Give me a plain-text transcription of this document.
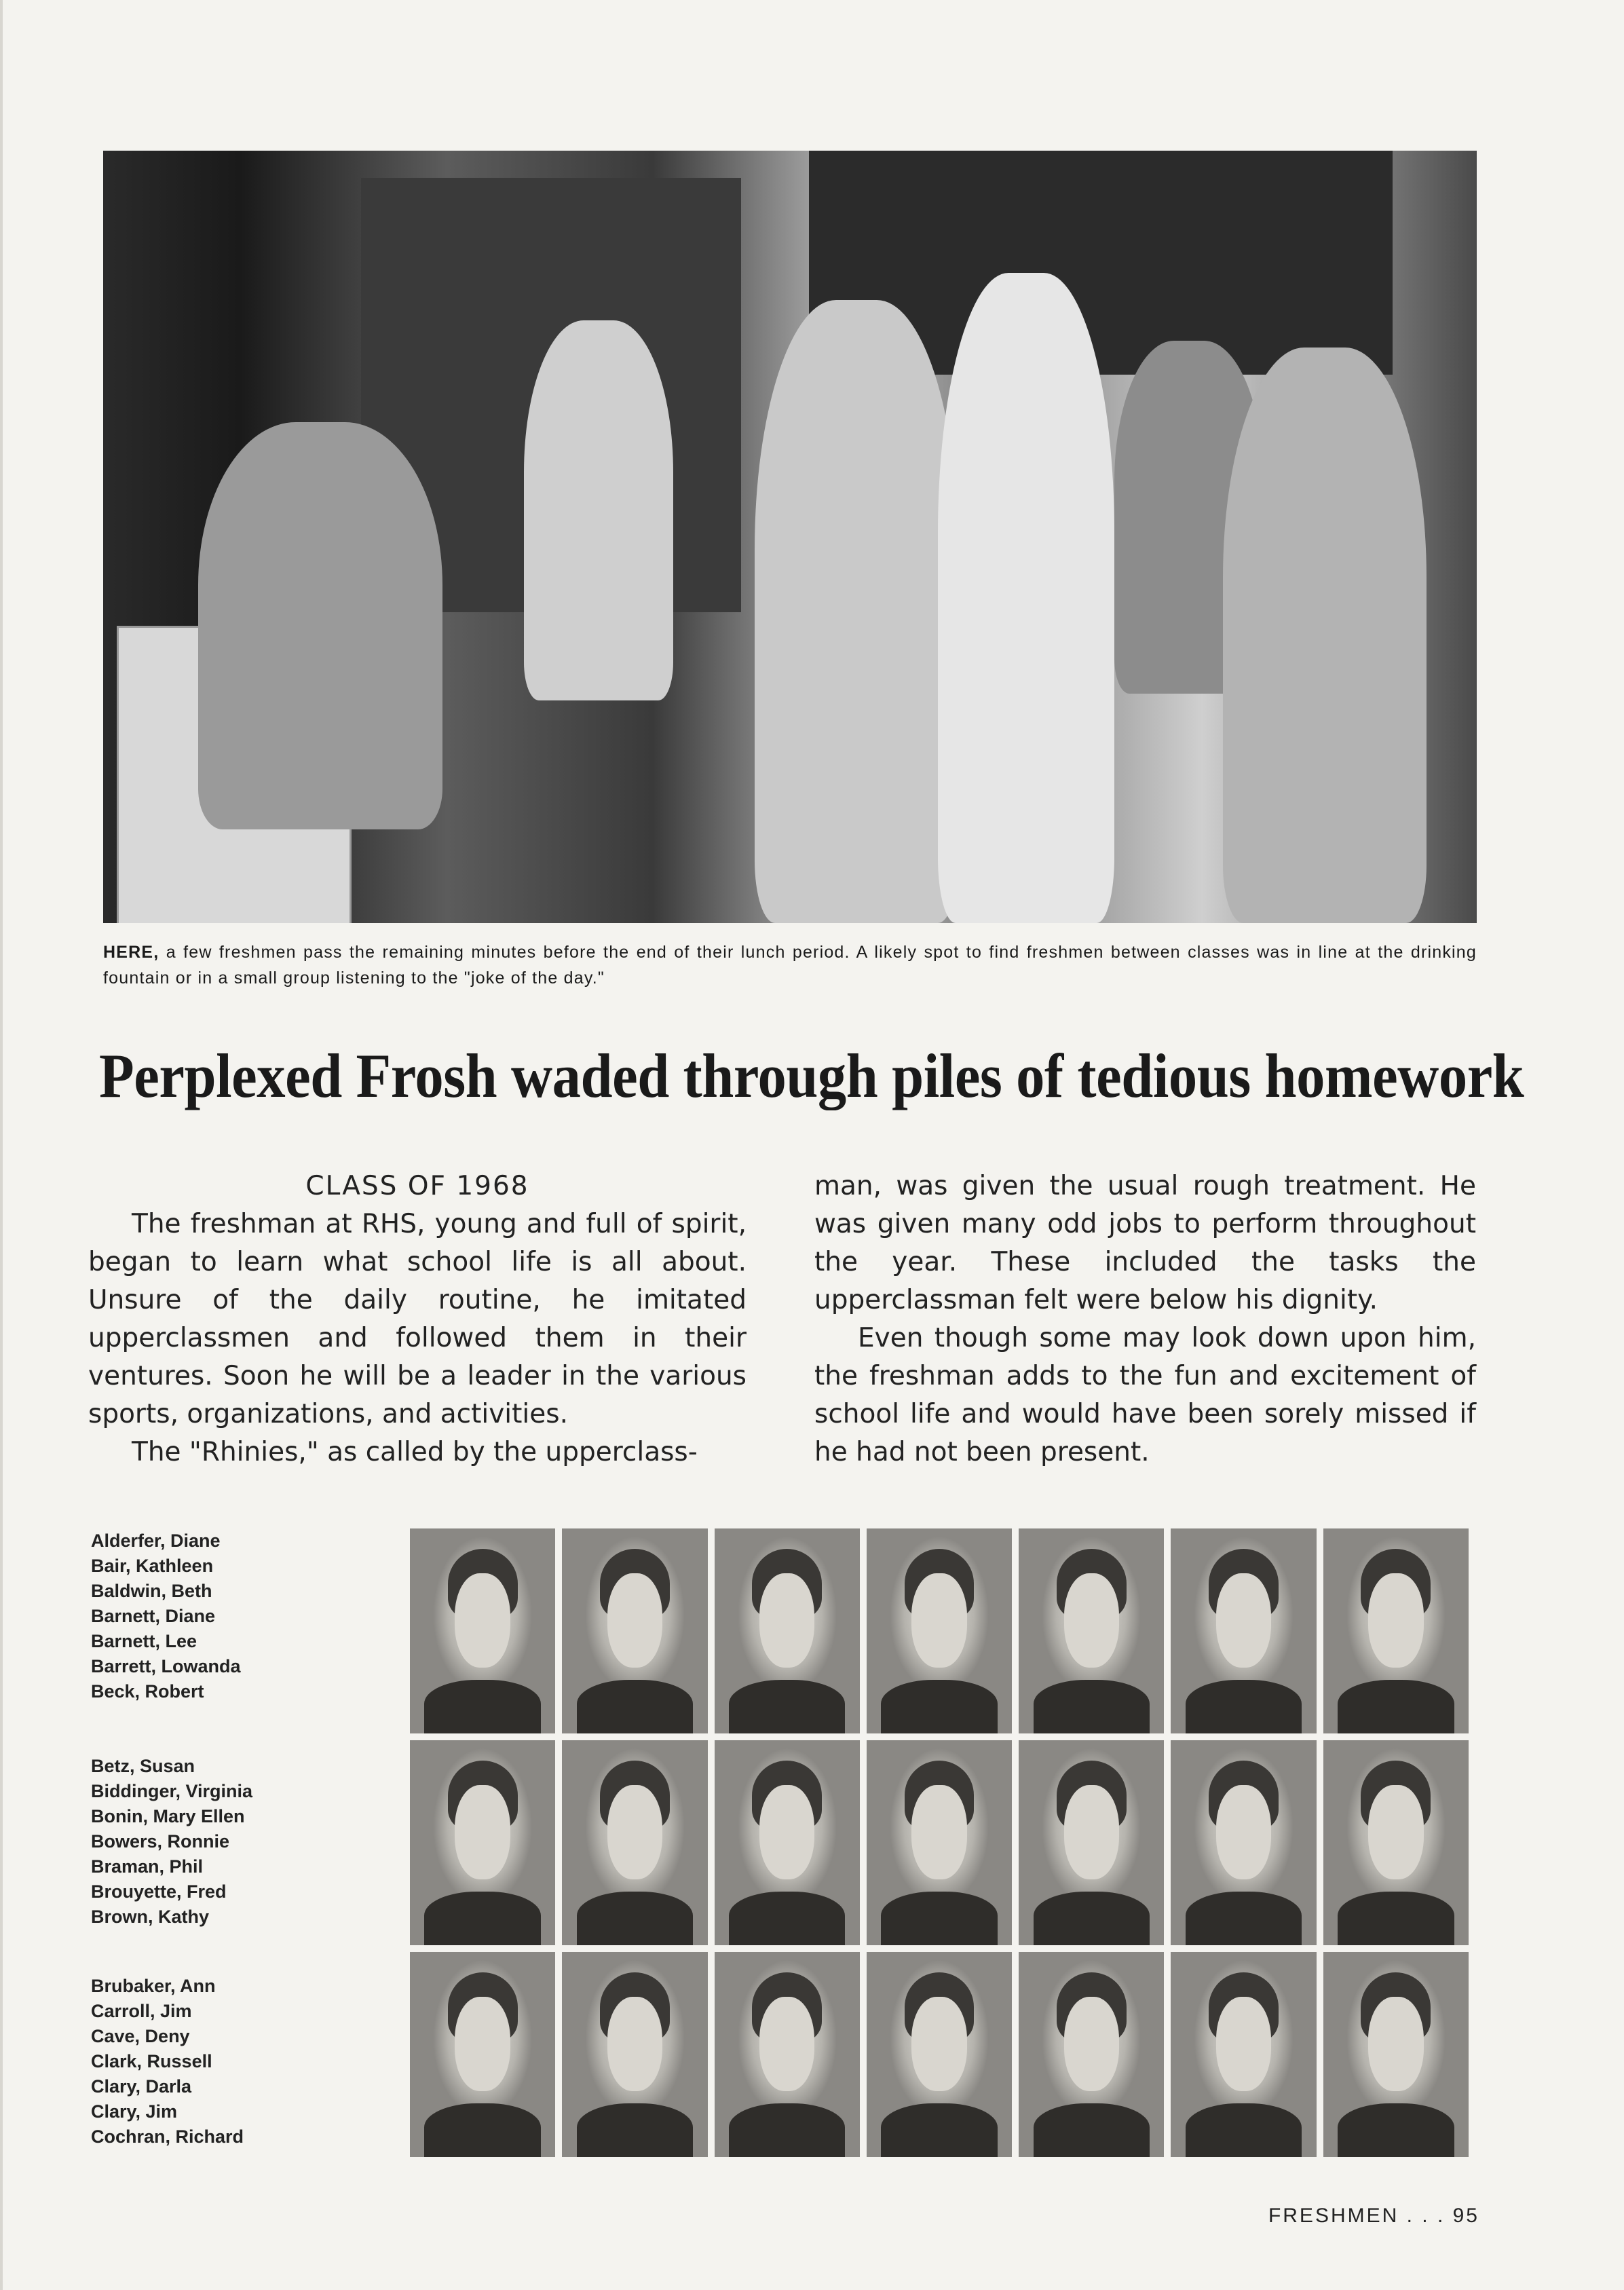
HERE, a few freshmen pass the remaining minutes before the end of their lunch period. A likely spot to find freshmen between classes was in line at the drinking fountain or in a small group listening to the "joke of the day."
Perplexed Frosh waded through piles of tedious homework
CLASS OF 1968

The freshman at RHS, young and full of spirit, began to learn what school life is all about. Unsure of the daily routine, he imitated upperclassmen and followed them in their ventures. Soon he will be a leader in the various sports, organizations, and activities.

The "Rhinies," as called by the upperclass-

man, was given the usual rough treatment. He was given many odd jobs to perform throughout the year. These included the tasks the upperclassman felt were below his dignity.

Even though some may look down upon him, the freshman adds to the fun and excitement of school life and would have been sorely missed if he had not been present.

Alderfer, Diane
Bair, Kathleen
Baldwin, Beth
Barnett, Diane
Barnett, Lee
Barrett, Lowanda
Beck, Robert
Betz, Susan
Biddinger, Virginia
Bonin, Mary Ellen
Bowers, Ronnie
Braman, Phil
Brouyette, Fred
Brown, Kathy
Brubaker, Ann
Carroll, Jim
Cave, Deny
Clark, Russell
Clary, Darla
Clary, Jim
Cochran, Richard
FRESHMEN . . . 95
